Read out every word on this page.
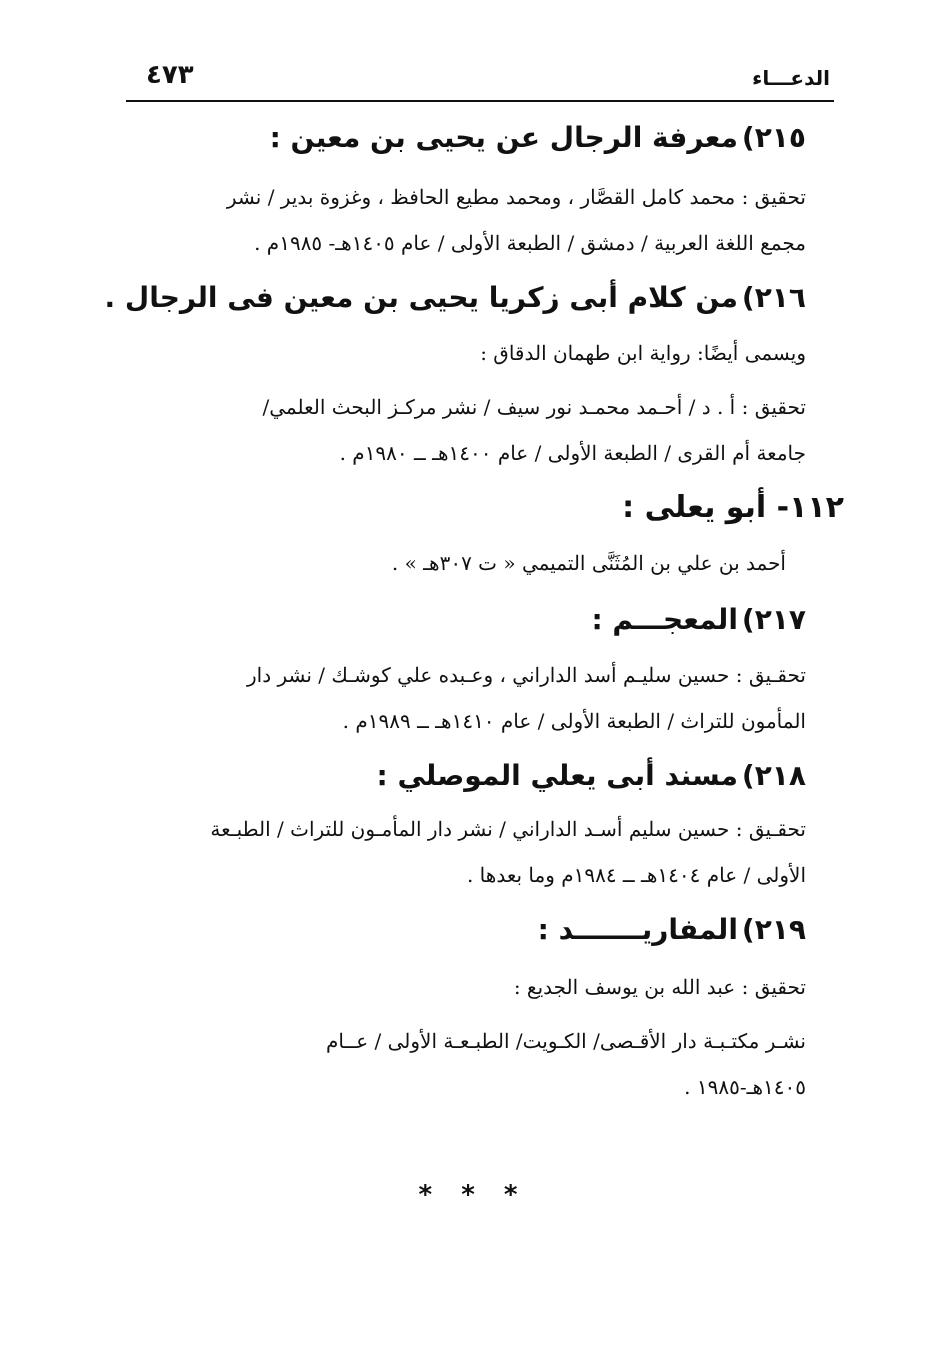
الدعـــاء
٤٧٣
٢١٥)معرفة الرجال عن يحيى بن معين :
تحقيق : محمد كامل القصَّار ، ومحمد مطيع الحافظ ، وغزوة بدير / نشر
مجمع اللغة العربية / دمشق / الطبعة الأولى / عام ١٤٠٥هـ- ١٩٨٥م .
٢١٦)من كلام أبى زكريا يحيى بن معين فى الرجال .
ويسمى أيضًا: رواية ابن طهمان الدقاق :
تحقيق : أ . د / أحـمد محمـد نور سيف / نشر مركـز البحث العلمي/
جامعة أم القرى / الطبعة الأولى / عام ١٤٠٠هـ ــ ١٩٨٠م .
١١٢- أبو يعلى :
أحمد بن علي بن المُثَنَّى التميمي « ت ٣٠٧هـ » .
٢١٧)المعجـــم :
تحقـيق : حسين سليـم أسد الداراني ، وعـبده علي كوشـك / نشر دار
المأمون للتراث / الطبعة الأولى / عام ١٤١٠هـ ــ ١٩٨٩م .
٢١٨)مسند أبى يعلي الموصلي :
تحقـيق : حسين سليم أسـد الداراني / نشر دار المأمـون للتراث / الطبـعة
الأولى / عام ١٤٠٤هـ ــ ١٩٨٤م وما بعدها .
٢١٩)المفاريـــــــد :
تحقيق : عبد الله بن يوسف الجديع :
نشـر مكتـبـة دار الأقـصى/ الكـويت/ الطبـعـة الأولى / عــام
١٤٠٥هـ-١٩٨٥ .
* * *
